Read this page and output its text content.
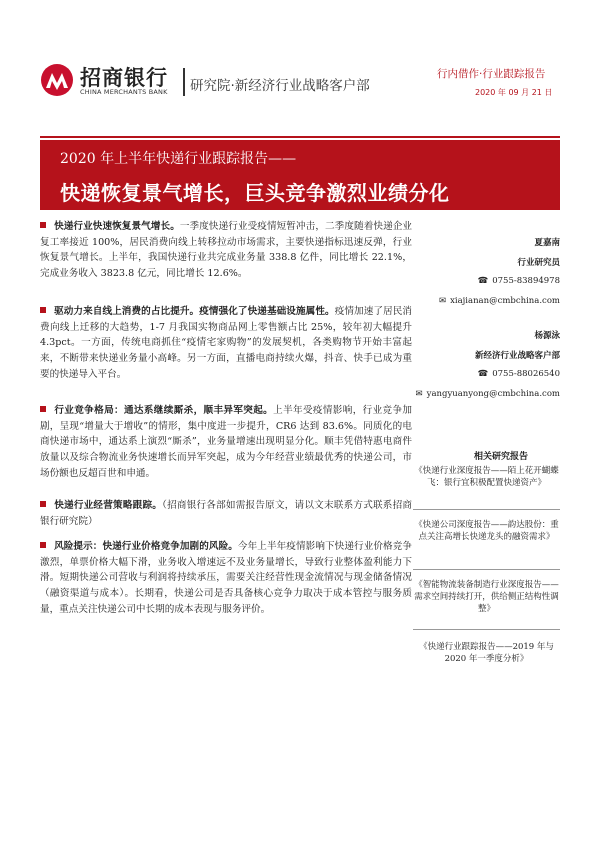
招商银行
CHINA MERCHANTS BANK 研究院·新经济行业战略客户部
行内借作·行业跟踪报告
2020 年 09 月 21 日
2020 年上半年快递行业跟踪报告——
快递恢复景气增长，巨头竞争激烈业绩分化
快递行业快速恢复景气增长。一季度快递行业受疫情短暂冲击，二季度随着快递企业复工率接近 100%，居民消费向线上转移拉动市场需求，主要快递指标迅速反弹，行业恢复景气增长。上半年，我国快递行业共完成业务量 338.8 亿件，同比增长 22.1%，完成业务收入 3823.8 亿元，同比增长 12.6%。
驱动力来自线上消费的占比提升。疫情强化了快递基础设施属性。疫情加速了居民消费向线上迁移的大趋势，1-7 月我国实物商品网上零售额占比 25%，较年初大幅提升 4.3pct。一方面，传统电商抓住“疫情宅家购物”的发展契机，各类购物节开始丰富起来，不断带来快递业务量小高峰。另一方面，直播电商持续火爆，抖音、快手已成为重要的快递导入平台。
行业竞争格局：通达系继续厮杀，顺丰异军突起。上半年受疫情影响，行业竞争加剧，呈现“增量大于增收”的情形，集中度进一步提升，CR6 达到 83.6%。同质化的电商快递市场中，通达系上演烈“厮杀”，业务量增速出现明显分化。顺丰凭借特惠电商件放量以及综合物流业务快速增长而异军突起，成为今年经营业绩最优秀的快递公司，市场份额也反超百世和申通。
快递行业经营策略跟踪。（招商银行各部如需报告原文，请以文末联系方式联系招商银行研究院）
风险提示：快递行业价格竞争加剧的风险。今年上半年疫情影响下快递行业价格竞争激烈，单票价格大幅下滑，业务收入增速远不及业务量增长，导致行业整体盈利能力下滑。短期快递公司营收与利润将持续承压，需要关注经营性现金流情况与现金储备情况（融资渠道与成本）。长期看，快递公司是否具备核心竞争力取决于成本管控与服务质量，重点关注快递公司中长期的成本表现与服务评价。
夏嘉南
行业研究员
☎ 0755-83894978
✉ xiajianan@cmbchina.com
杨源泳
新经济行业战略客户部
☎ 0755-88026540
✉ yangyuanyong@cmbchina.com
相关研究报告
《快递行业深度报告——陌上花开蝴蝶飞：银行宜积极配置快递资产》
《快递公司深度报告——韵达股份：重点关注高增长快递龙头的融资需求》
《智能物流装备制造行业深度报告——需求空间持续打开，供给侧正结构性调整》
《快递行业跟踪报告——2019 年与 2020 年一季度分析》
